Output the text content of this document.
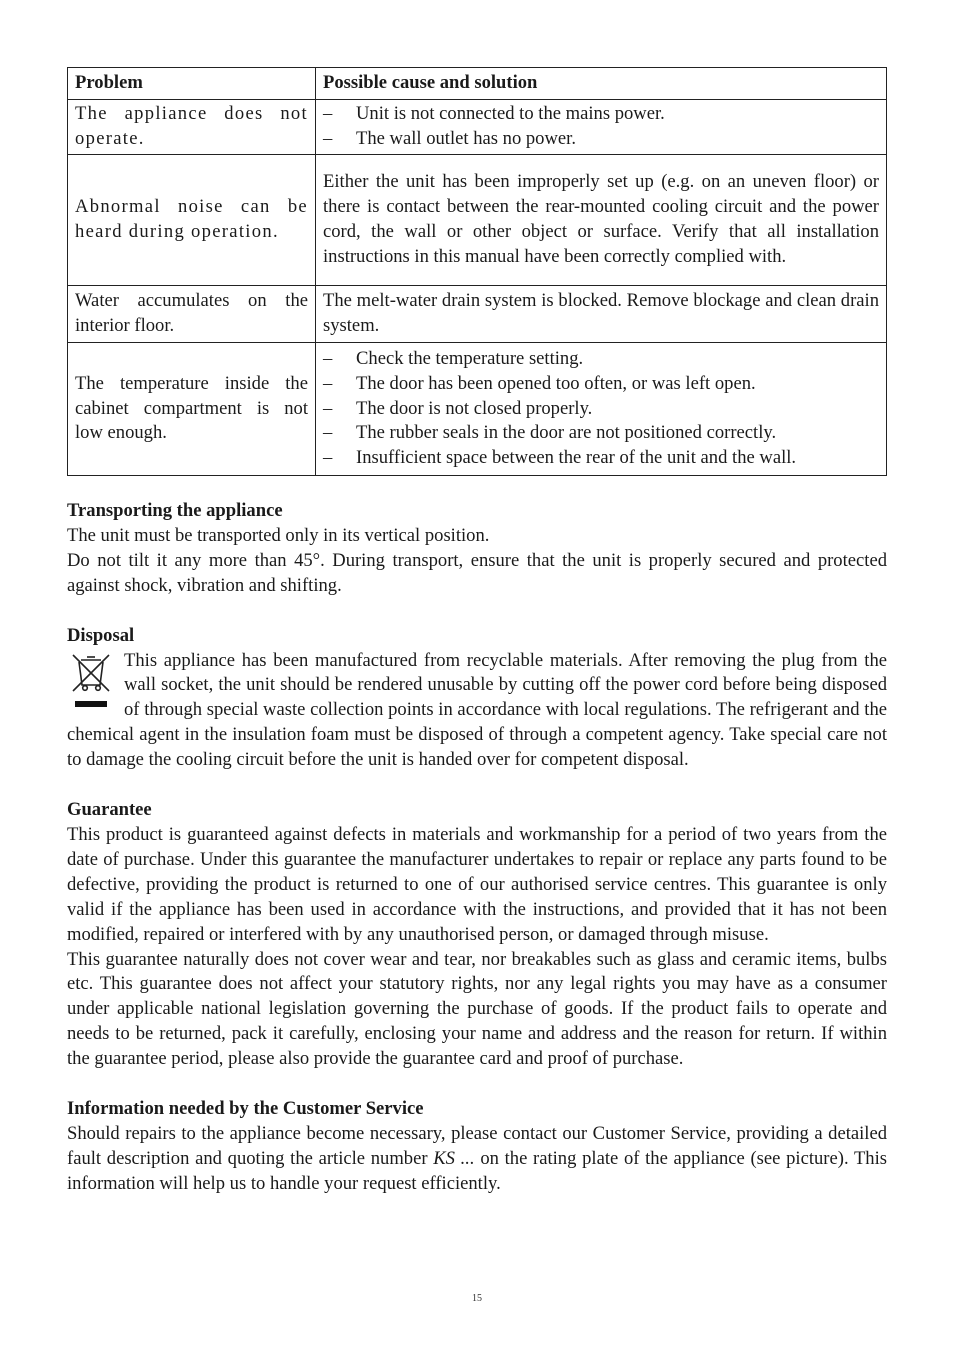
Problem	Possible cause and solution
The appliance does not operate.	– Unit is not connected to the mains power.
– The wall outlet has no power.

Abnormal noise can be heard during operation.	Either the unit has been improperly set up (e.g. on an uneven floor) or there is contact between the rear-mounted cooling circuit and the power cord, the wall or other object or surface. Verify that all installation instructions in this manual have been correctly complied with.
Water accumulates on the interior floor.	The melt-water drain system is blocked. Remove blockage and clean drain system.
The temperature inside the cabinet compartment is not low enough.	– Check the temperature setting.
– The door has been opened too often, or was left open.
– The door is not closed properly.
– The rubber seals in the door are not positioned correctly.
– Insufficient space between the rear of the unit and the wall.
Transporting the appliance

The unit must be transported only in its vertical position.

Do not tilt it any more than 45°. During transport, ensure that the unit is properly secured and protected against shock, vibration and shifting.

Disposal

This appliance has been manufactured from recyclable materials. After removing the plug from the wall socket, the unit should be rendered unusable by cutting off the power cord before being disposed of through special waste collection points in accordance with local regulations. The refrigerant and the chemical agent in the insulation foam must be disposed of through a competent agency. Take special care not to damage the cooling circuit before the unit is handed over for competent disposal.

Guarantee

This product is guaranteed against defects in materials and workmanship for a period of two years from the date of purchase. Under this guarantee the manufacturer undertakes to repair or replace any parts found to be defective, providing the product is returned to one of our authorised service centres. This guarantee is only valid if the appliance has been used in accordance with the instructions, and provided that it has not been modified, repaired or interfered with by any unauthorised person, or damaged through misuse.

This guarantee naturally does not cover wear and tear, nor breakables such as glass and ceramic items, bulbs etc. This guarantee does not affect your statutory rights, nor any legal rights you may have as a consumer under applicable national legislation governing the purchase of goods. If the product fails to operate and needs to be returned, pack it carefully, enclosing your name and address and the reason for return. If within the guarantee period, please also provide the guarantee card and proof of purchase.

Information needed by the Customer Service

Should repairs to the appliance become necessary, please contact our Customer Service, providing a detailed fault description and quoting the article number KS ... on the rating plate of the appliance (see picture). This information will help us to handle your request efficiently.

15
